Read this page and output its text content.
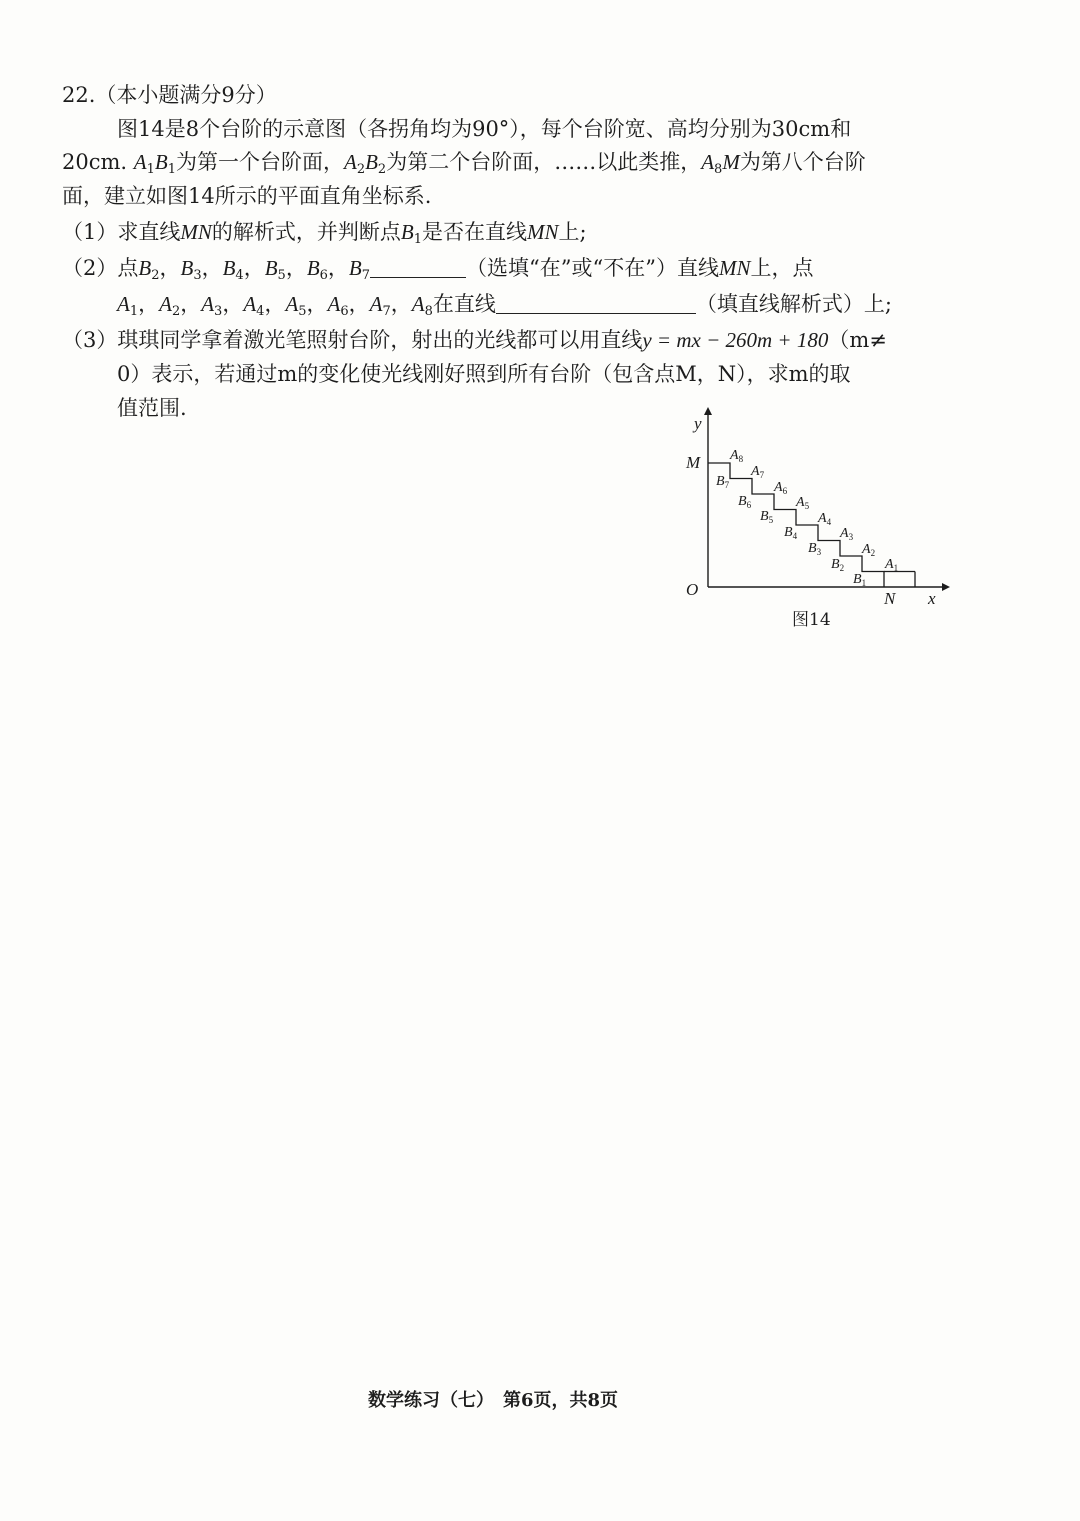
22.（本小题满分9分）
图14是8个台阶的示意图（各拐角均为90°），每个台阶宽、高均分别为30cm和
20cm. $A_1B_1$为第一个台阶面，$A_2B_2$为第二个台阶面，……以此类推，$A_8M$为第八个台阶
面，建立如图14所示的平面直角坐标系.
（1）求直线MN的解析式，并判断点$B_1$是否在直线MN上;
（2）点$B_2$，$B_3$，$B_4$，$B_5$，$B_6$，$B_7$	（选填“在”或“不在”）直线MN上，点
$A_1$，$A_2$，$A_3$，$A_4$，$A_5$，$A_6$，$A_7$，$A_8$在直线	（填直线解析式）上;
（3）琪琪同学拿着激光笔照射台阶，射出的光线都可以用直线y = mx − 260m + 180（m≠
0）表示，若通过m的变化使光线刚好照到所有台阶（包含点M，N），求m的取
值范围.
y
x
O
M
N
$A_1$
$A_2$
$A_3$
$A_4$
$A_5$
$A_6$
$A_7$
$A_8$
$B_1$
$B_2$
$B_3$
$B_4$
$B_5$
$B_6$
$B_7$
图14
数学练习（七）　第6页，共8页
